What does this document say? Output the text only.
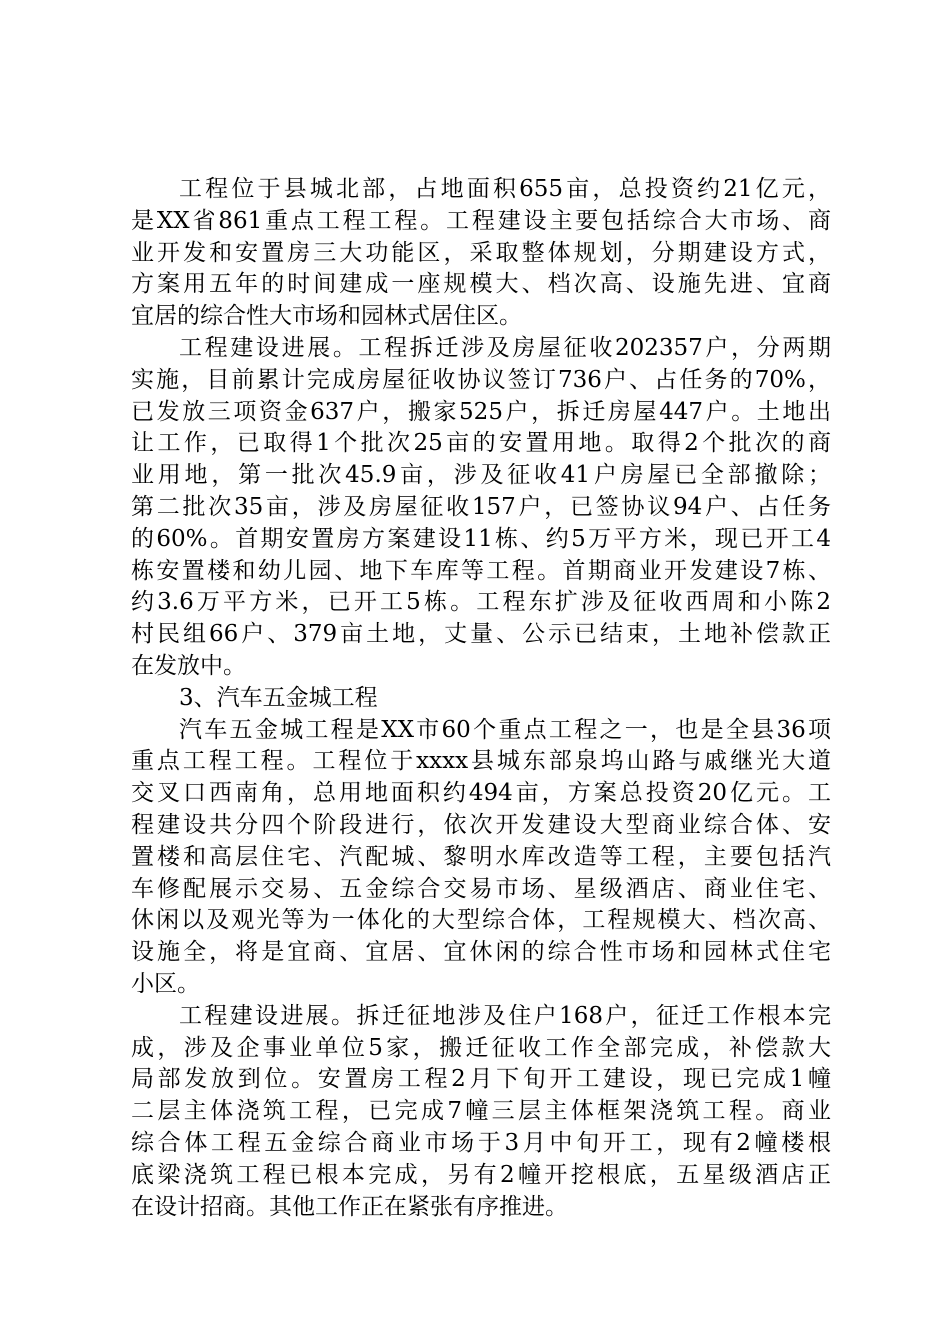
工程位于县城北部，占地面积655亩，总投资约21亿元，
是XX省861重点工程工程。工程建设主要包括综合大市场、商
业开发和安置房三大功能区，采取整体规划，分期建设方式，
方案用五年的时间建成一座规模大、档次高、设施先进、宜商
宜居的综合性大市场和园林式居住区。
工程建设进展。工程拆迁涉及房屋征收202357户，分两期
实施，目前累计完成房屋征收协议签订736户、占任务的70%，
已发放三项资金637户，搬家525户，拆迁房屋447户。土地出
让工作，已取得1个批次25亩的安置用地。取得2个批次的商
业用地，第一批次45.9亩，涉及征收41户房屋已全部撤除；
第二批次35亩，涉及房屋征收157户，已签协议94户、占任务
的60%。首期安置房方案建设11栋、约5万平方米，现已开工4
栋安置楼和幼儿园、地下车库等工程。首期商业开发建设7栋、
约3.6万平方米，已开工5栋。工程东扩涉及征收西周和小陈2
村民组66户、379亩土地，丈量、公示已结束，土地补偿款正
在发放中。
3、汽车五金城工程
汽车五金城工程是XX市60个重点工程之一，也是全县36项
重点工程工程。工程位于xxxx县城东部泉坞山路与戚继光大道
交叉口西南角，总用地面积约494亩，方案总投资20亿元。工
程建设共分四个阶段进行，依次开发建设大型商业综合体、安
置楼和高层住宅、汽配城、黎明水库改造等工程，主要包括汽
车修配展示交易、五金综合交易市场、星级酒店、商业住宅、
休闲以及观光等为一体化的大型综合体，工程规模大、档次高、
设施全，将是宜商、宜居、宜休闲的综合性市场和园林式住宅
小区。
工程建设进展。拆迁征地涉及住户168户，征迁工作根本完
成，涉及企事业单位5家，搬迁征收工作全部完成，补偿款大
局部发放到位。安置房工程2月下旬开工建设，现已完成1幢
二层主体浇筑工程，已完成7幢三层主体框架浇筑工程。商业
综合体工程五金综合商业市场于3月中旬开工，现有2幢楼根
底梁浇筑工程已根本完成，另有2幢开挖根底，五星级酒店正
在设计招商。其他工作正在紧张有序推进。
